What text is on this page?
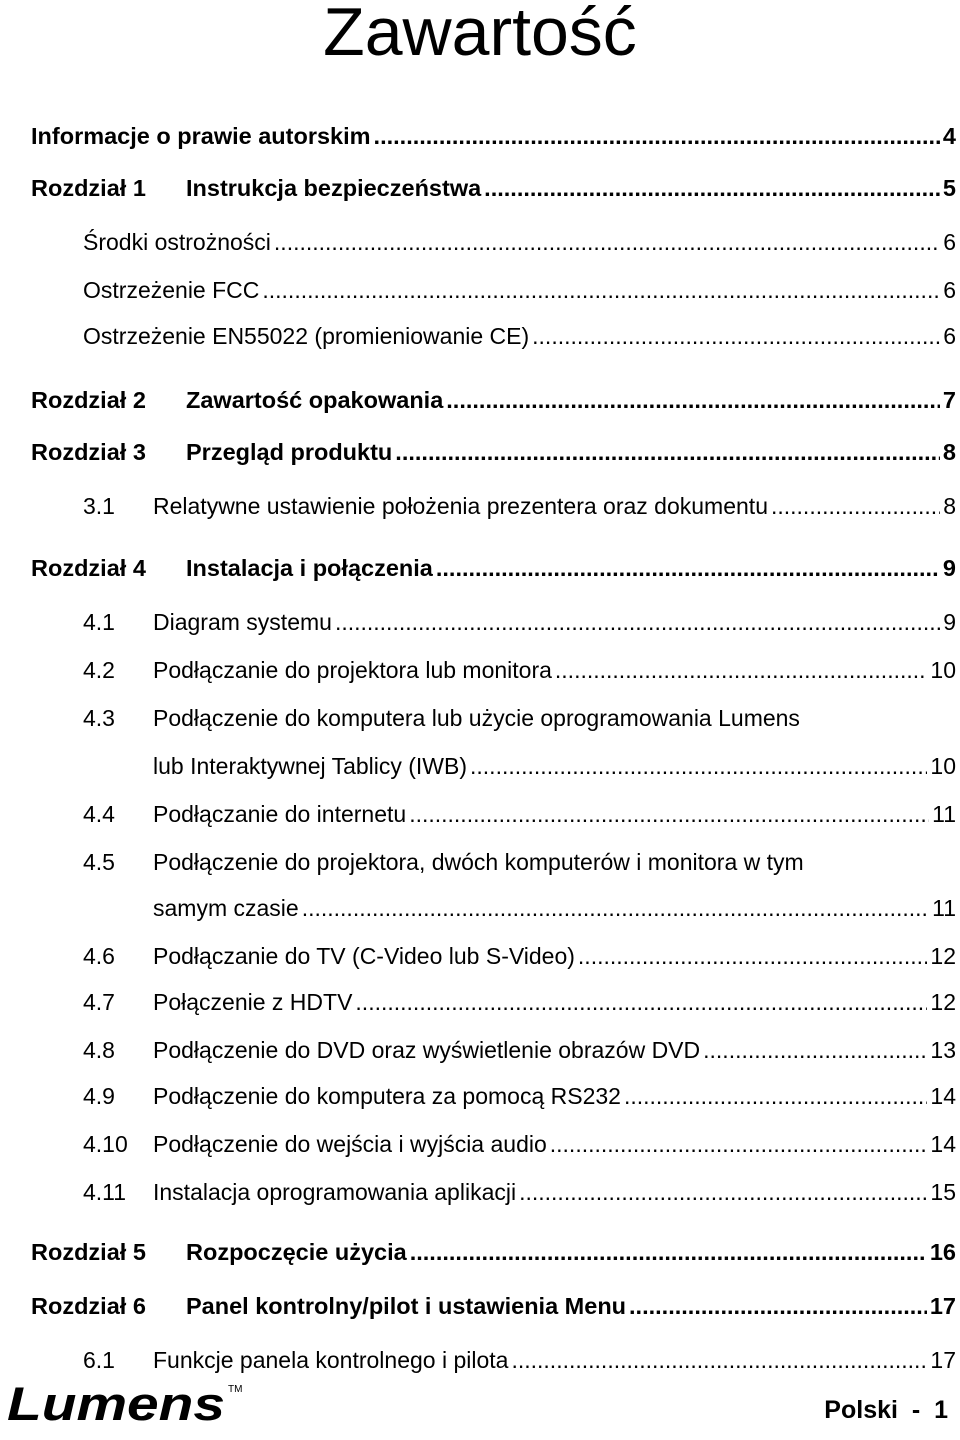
Zawartość
Informacje o prawie autorskim .....	4
Rozdział 1	Instrukcja bezpieczeństwa .....	5
Środki ostrożności .....	6
Ostrzeżenie FCC .....	6
Ostrzeżenie EN55022 (promieniowanie CE) .....	6
Rozdział 2	Zawartość opakowania .....	7
Rozdział 3	Przegląd produktu .....	8
3.1	Relatywne ustawienie położenia prezentera oraz dokumentu .....	8
Rozdział 4	Instalacja i połączenia .....	9
4.1	Diagram systemu .....	9
4.2	Podłączanie do projektora lub monitora .....	10
4.3	Podłączenie do komputera lub użycie oprogramowania Lumens
lub Interaktywnej Tablicy (IWB) .....	10
4.4	Podłączanie do internetu .....	11
4.5	Podłączenie do projektora, dwóch komputerów i monitora w tym
samym czasie .....	11
4.6	Podłączanie do TV (C-Video lub S-Video) .....	12
4.7	Połączenie z HDTV .....	12
4.8	Podłączenie do DVD oraz wyświetlenie obrazów DVD .....	13
4.9	Podłączenie do komputera za pomocą RS232 .....	14
4.10	Podłączenie do wejścia i wyjścia audio .....	14
4.11	Instalacja oprogramowania aplikacji .....	15
Rozdział 5	Rozpoczęcie użycia .....	16
Rozdział 6	Panel kontrolny/pilot i ustawienia Menu .....	17
6.1	Funkcje panela kontrolnego i pilota .....	17
Lumens TM
Polski - 1
